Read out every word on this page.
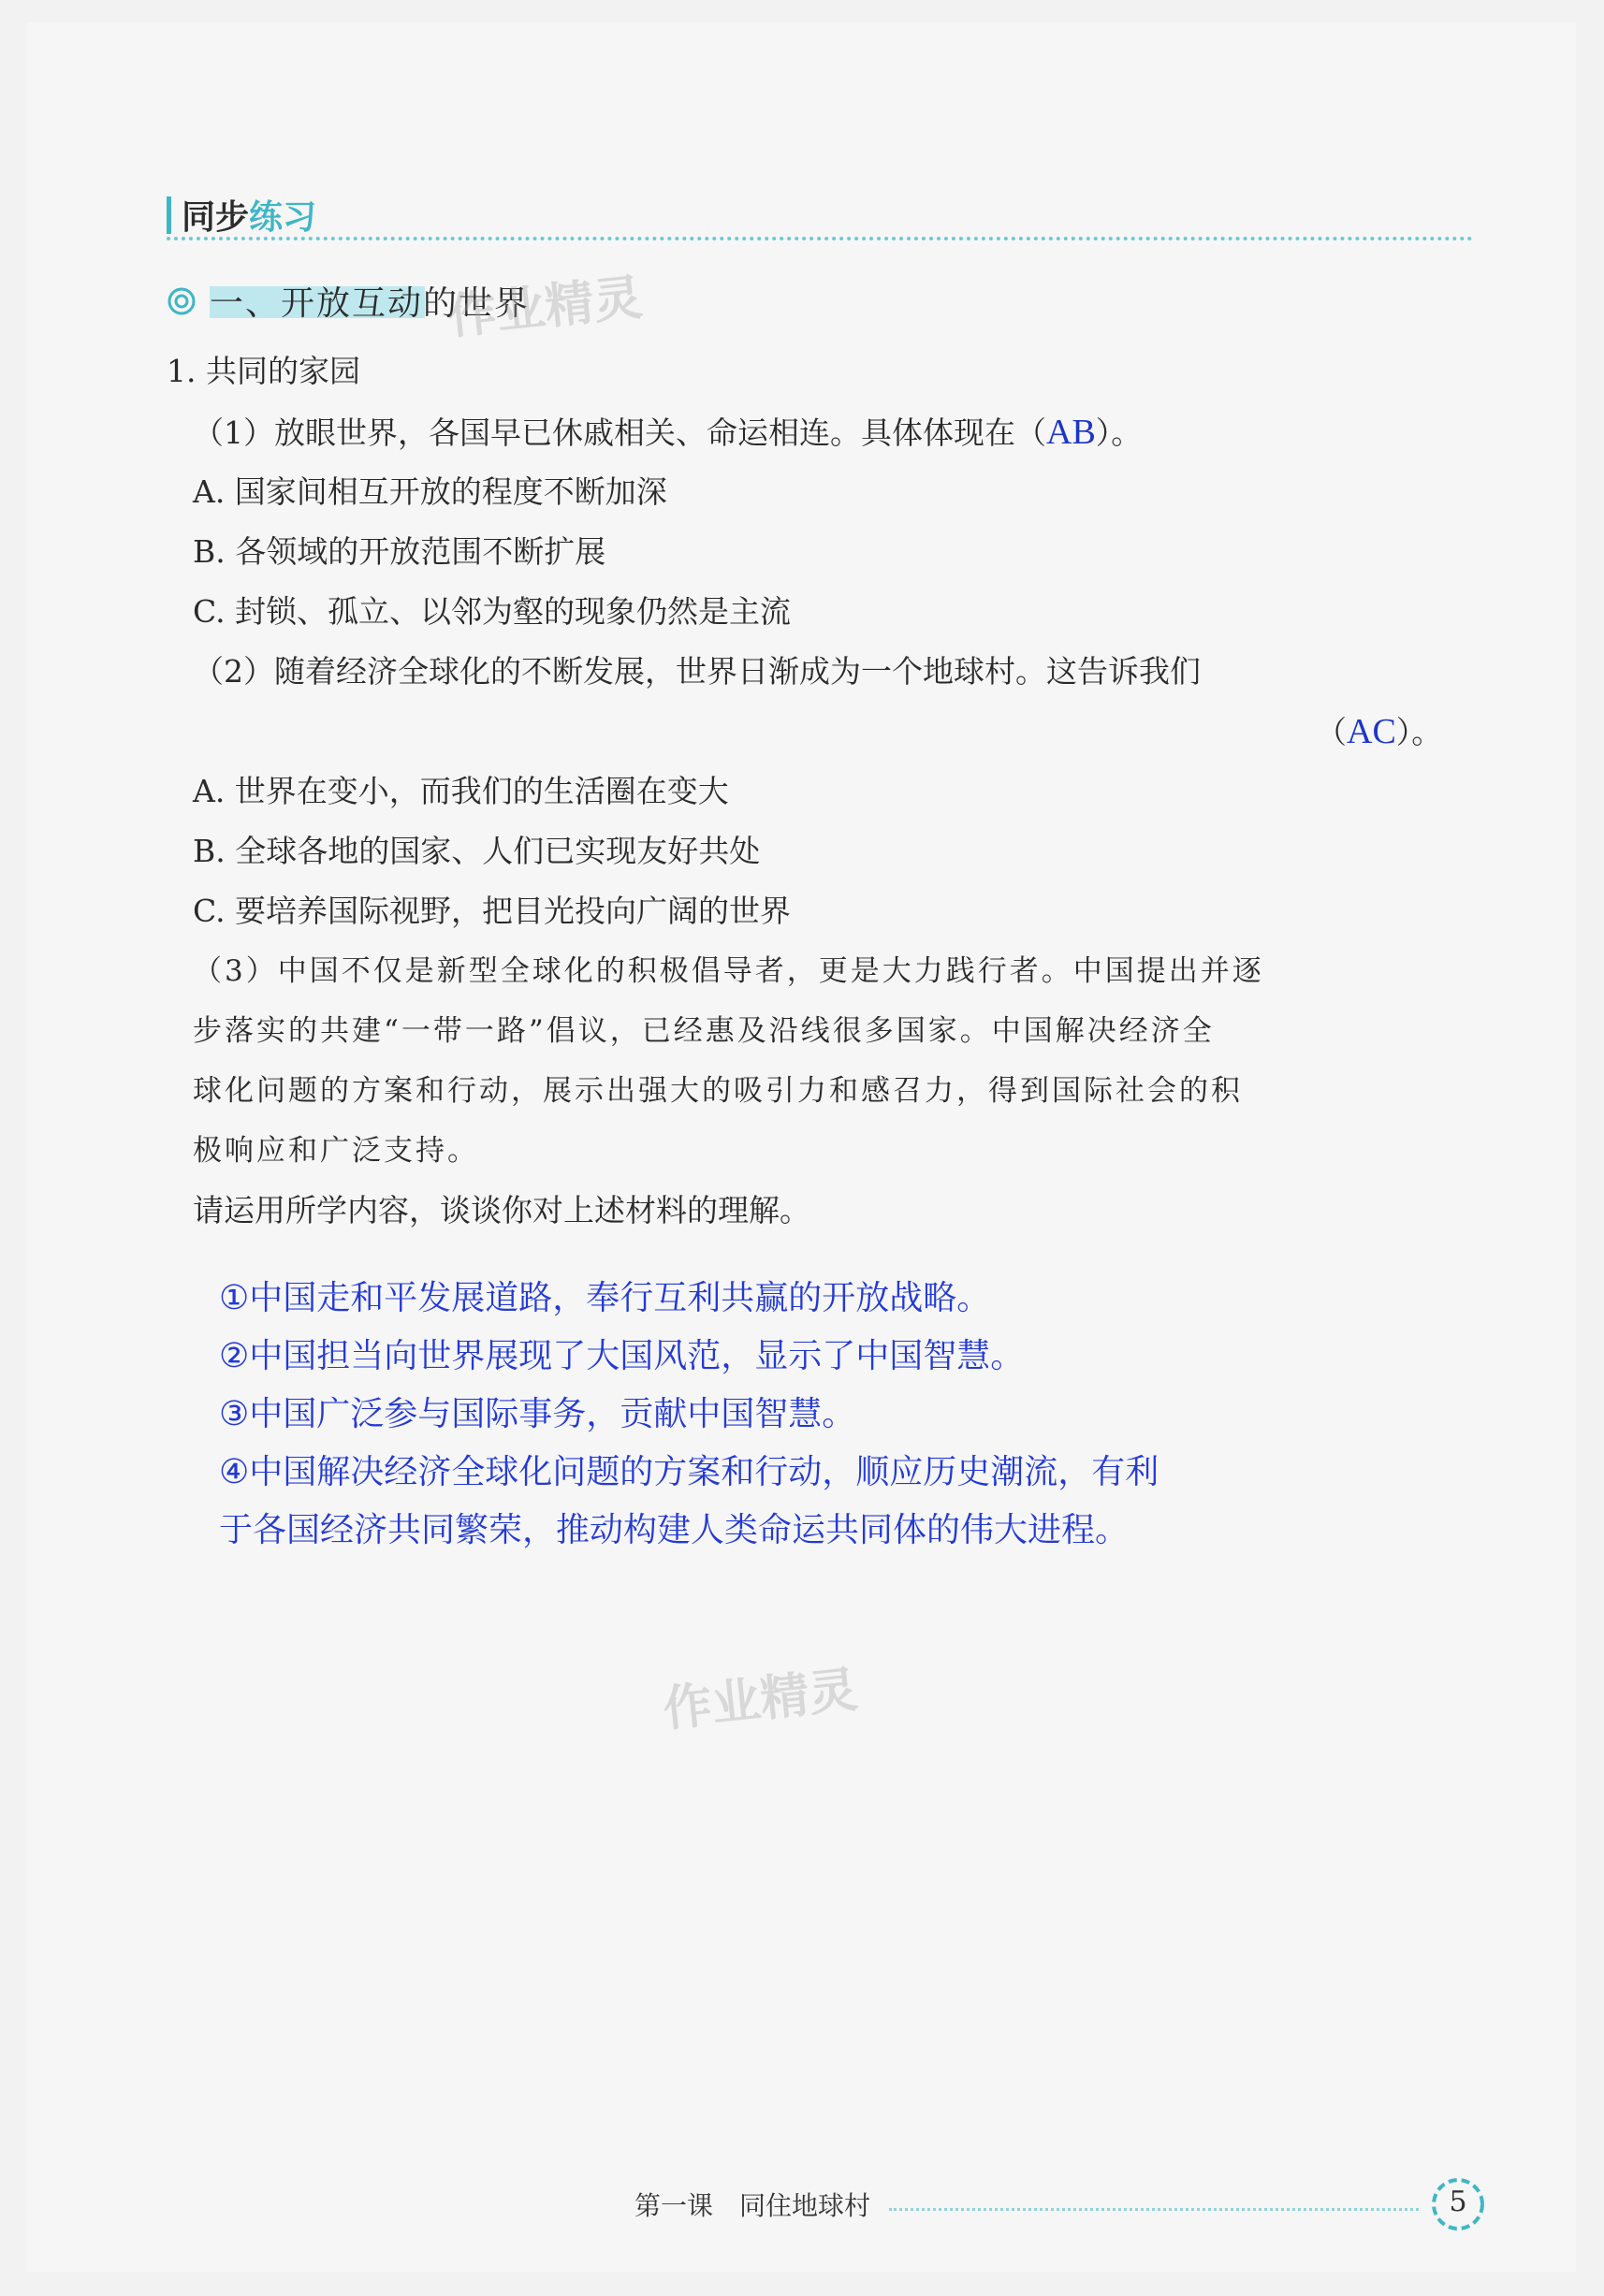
同步练习
一、开放互动的世界
作业精灵
作业精灵
1. 共同的家园
（1）放眼世界，各国早已休戚相关、命运相连。具体体现在（AB）。
A. 国家间相互开放的程度不断加深
B. 各领域的开放范围不断扩展
C. 封锁、孤立、以邻为壑的现象仍然是主流
（2）随着经济全球化的不断发展，世界日渐成为一个地球村。这告诉我们
（AC）。
A. 世界在变小，而我们的生活圈在变大
B. 全球各地的国家、人们已实现友好共处
C. 要培养国际视野，把目光投向广阔的世界
（3）中国不仅是新型全球化的积极倡导者，更是大力践行者。中国提出并逐
步落实的共建“一带一路”倡议，已经惠及沿线很多国家。中国解决经济全
球化问题的方案和行动，展示出强大的吸引力和感召力，得到国际社会的积
极响应和广泛支持。
请运用所学内容，谈谈你对上述材料的理解。
①中国走和平发展道路，奉行互利共赢的开放战略。
②中国担当向世界展现了大国风范，显示了中国智慧。
③中国广泛参与国际事务，贡献中国智慧。
④中国解决经济全球化问题的方案和行动，顺应历史潮流，有利
于各国经济共同繁荣，推动构建人类命运共同体的伟大进程。
第一课　同住地球村	5
